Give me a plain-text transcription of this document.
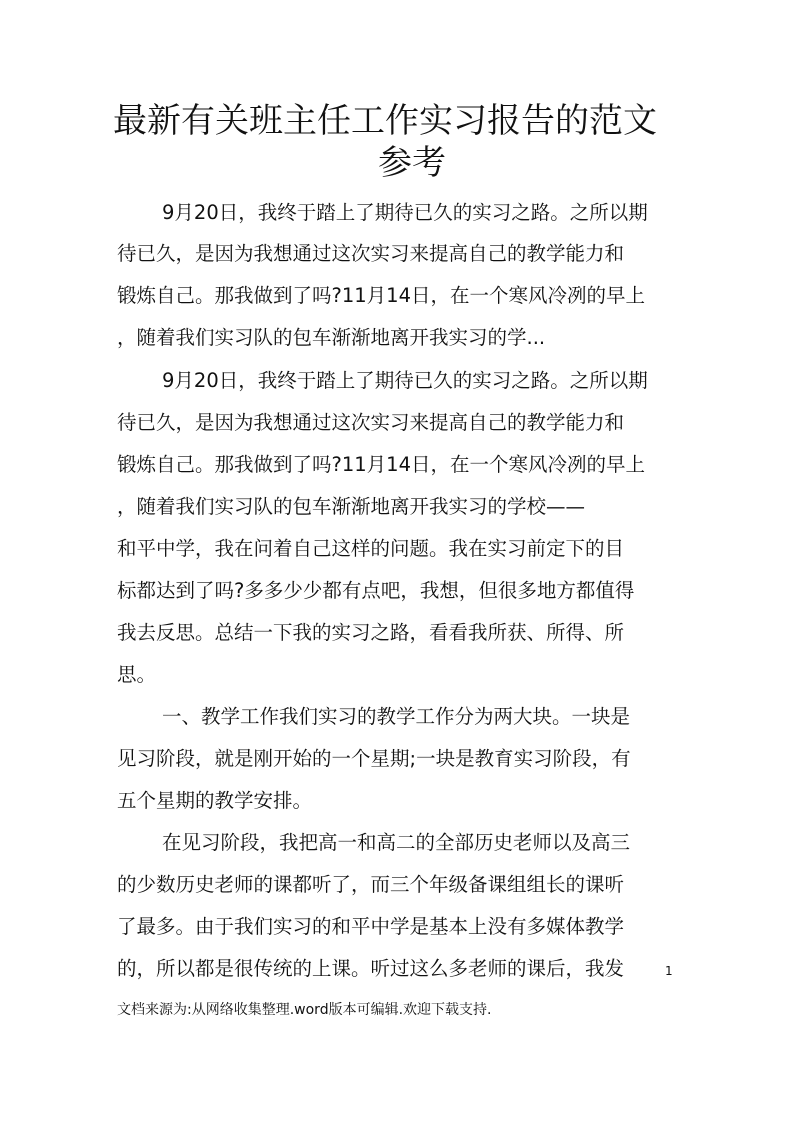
最新有关班主任工作实习报告的范文
参考

9月20日，我终于踏上了期待已久的实习之路。之所以期

待已久，是因为我想通过这次实习来提高自己的教学能力和

锻炼自己。那我做到了吗?11月14日，在一个寒风冷冽的早上

，随着我们实习队的包车渐渐地离开我实习的学...

9月20日，我终于踏上了期待已久的实习之路。之所以期

待已久，是因为我想通过这次实习来提高自己的教学能力和

锻炼自己。那我做到了吗?11月14日，在一个寒风冷冽的早上

，随着我们实习队的包车渐渐地离开我实习的学校——

和平中学，我在问着自己这样的问题。我在实习前定下的目

标都达到了吗?多多少少都有点吧，我想，但很多地方都值得

我去反思。总结一下我的实习之路，看看我所获、所得、所

思。

一、教学工作我们实习的教学工作分为两大块。一块是

见习阶段，就是刚开始的一个星期;一块是教育实习阶段，有

五个星期的教学安排。

在见习阶段，我把高一和高二的全部历史老师以及高三

的少数历史老师的课都听了，而三个年级备课组组长的课听

了最多。由于我们实习的和平中学是基本上没有多媒体教学

的，所以都是很传统的上课。听过这么多老师的课后，我发	1
文档来源为:从网络收集整理.word版本可编辑.欢迎下载支持.
